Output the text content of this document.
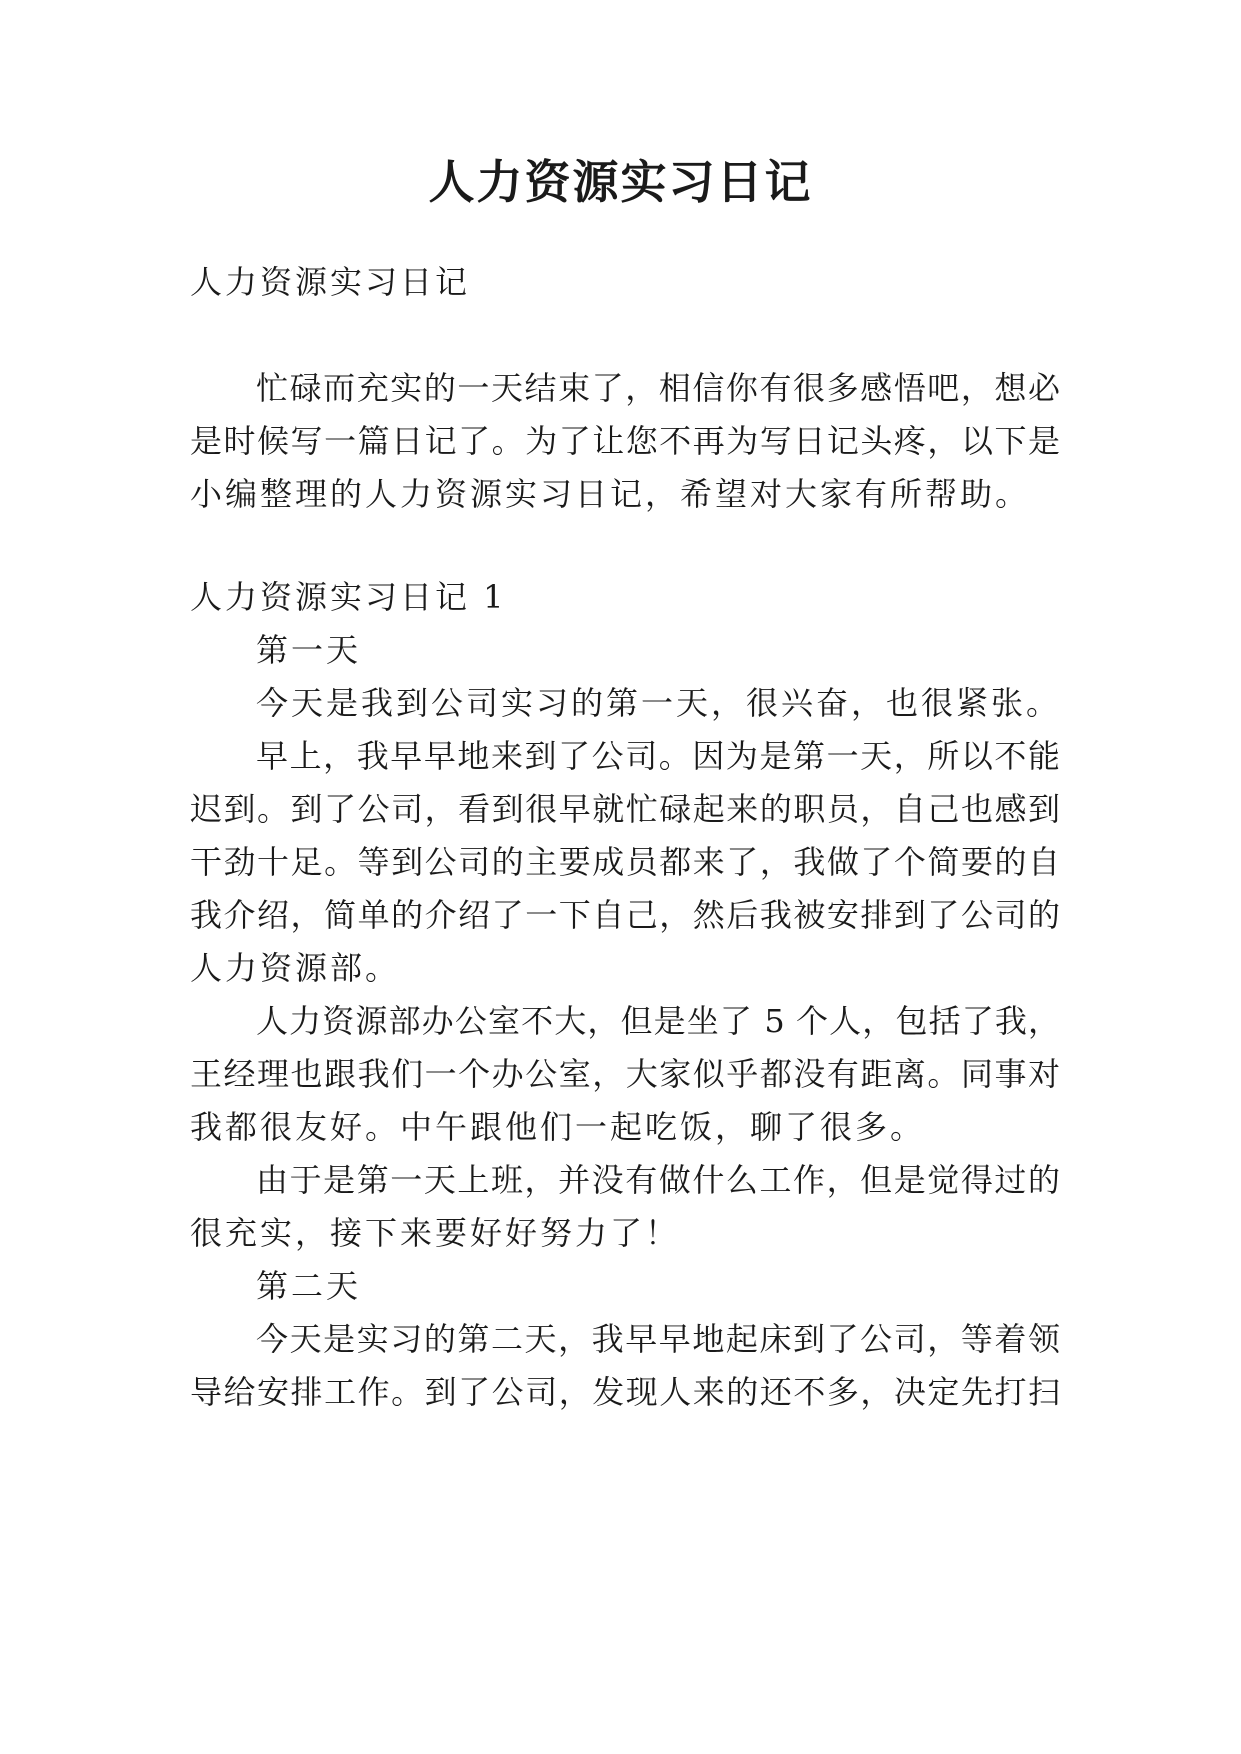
人力资源实习日记
人力资源实习日记
忙碌而充实的一天结束了，相信你有很多感悟吧，想必
是时候写一篇日记了。为了让您不再为写日记头疼，以下是
小编整理的人力资源实习日记，希望对大家有所帮助。
人力资源实习日记 1
第一天
今天是我到公司实习的第一天，很兴奋，也很紧张。
早上，我早早地来到了公司。因为是第一天，所以不能
迟到。到了公司，看到很早就忙碌起来的职员，自己也感到
干劲十足。等到公司的主要成员都来了，我做了个简要的自
我介绍，简单的介绍了一下自己，然后我被安排到了公司的
人力资源部。
人力资源部办公室不大，但是坐了 5 个人，包括了我，
王经理也跟我们一个办公室，大家似乎都没有距离。同事对
我都很友好。中午跟他们一起吃饭，聊了很多。
由于是第一天上班，并没有做什么工作，但是觉得过的
很充实，接下来要好好努力了！
第二天
今天是实习的第二天，我早早地起床到了公司，等着领
导给安排工作。到了公司，发现人来的还不多，决定先打扫
